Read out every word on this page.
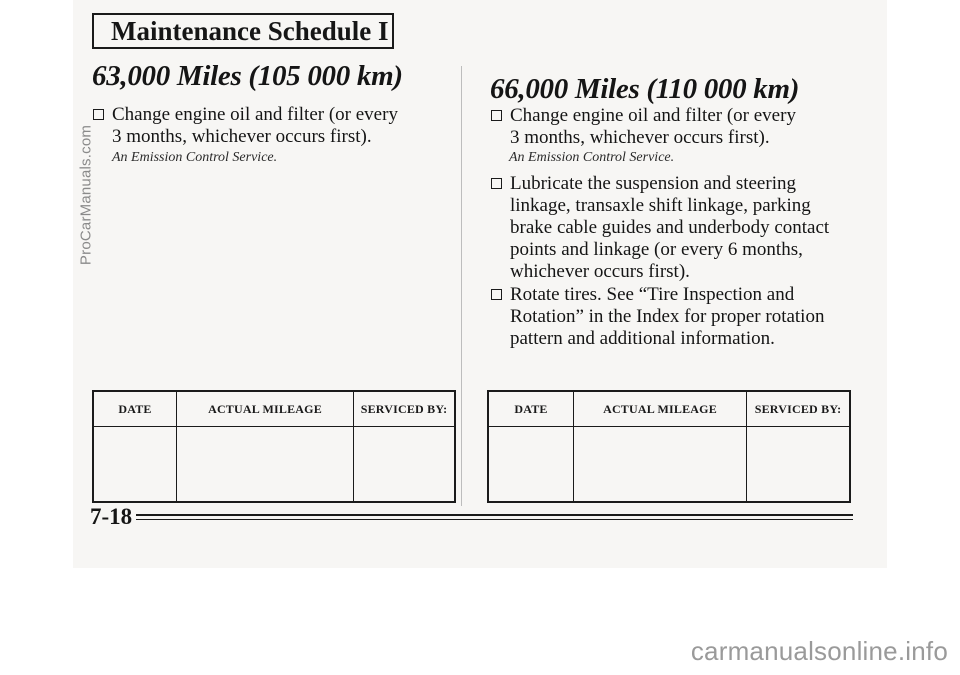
ProCarManuals.com
Maintenance Schedule I
63,000 Miles (105 000 km)
Change engine oil and filter (or every
3 months, whichever occurs first).
An Emission Control Service.
DATE	ACTUAL MILEAGE	SERVICED BY:

66,000 Miles (110 000 km)
Change engine oil and filter (or every
3 months, whichever occurs first).
An Emission Control Service.
Lubricate the suspension and steering
linkage, transaxle shift linkage, parking brake cable guides and underbody contact points and linkage (or every 6 months, whichever occurs first).
Rotate tires. See “Tire Inspection and
Rotation” in the Index for proper rotation pattern and additional information.
DATE	ACTUAL MILEAGE	SERVICED BY:

7-18
carmanualsonline.info
